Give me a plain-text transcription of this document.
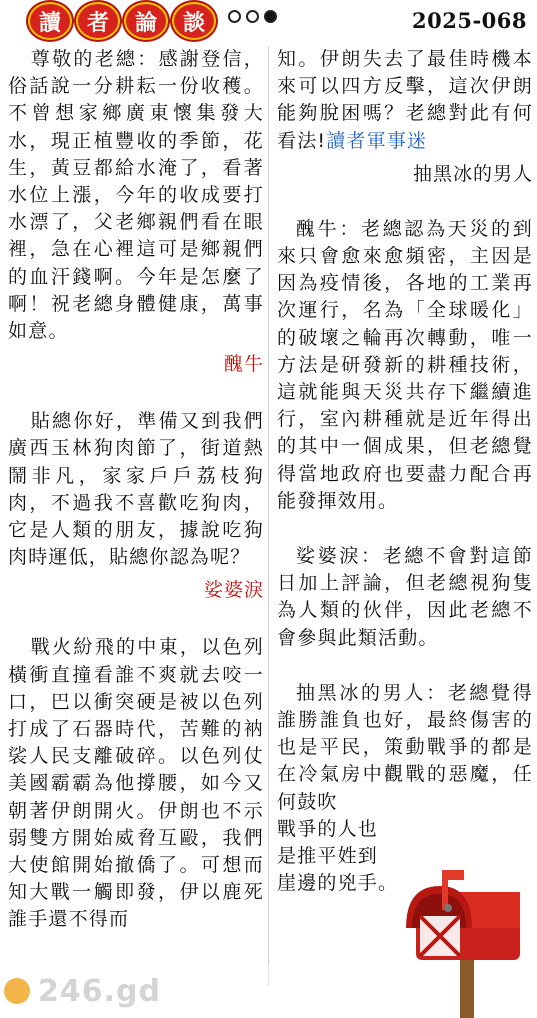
讀	者	論	談	2025-068

尊敬的老總：感謝登信，俗話說一分耕耘一份收穫。不曾想家鄉廣東懷集發大水，現正植豐收的季節，花生，黃豆都給水淹了，看著水位上漲，今年的收成要打水漂了，父老鄉親們看在眼裡，急在心裡這可是鄉親們的血汗錢啊。今年是怎麼了啊！祝老總身體健康，萬事如意。

醜牛

貼總你好，準備又到我們廣西玉林狗肉節了，街道熱鬧非凡，家家戶戶荔枝狗肉，不過我不喜歡吃狗肉，它是人類的朋友，據說吃狗肉時運低，貼總你認為呢？

娑婆淚

戰火紛飛的中東，以色列橫衝直撞看誰不爽就去咬一口，巴以衝突硬是被以色列打成了石器時代，苦難的衲裟人民支離破碎。以色列仗美國霸霸為他撐腰，如今又朝著伊朗開火。伊朗也不示弱雙方開始威脅互毆，我們大使館開始撤僑了。可想而知大戰一觸即發，伊以鹿死誰手還不得而

知。伊朗失去了最佳時機本來可以四方反擊，這次伊朗能夠脫困嗎？老總對此有何看法!讀者軍事迷

抽黑冰的男人

醜牛：老總認為天災的到來只會愈來愈頻密，主因是因為疫情後，各地的工業再次運行，名為「全球暖化」的破壞之輪再次轉動，唯一方法是研發新的耕種技術，這就能與天災共存下繼續進行，室內耕種就是近年得出的其中一個成果，但老總覺得當地政府也要盡力配合再能發揮效用。

娑婆淚：老總不會對這節日加上評論，但老總視狗隻為人類的伙伴，因此老總不會參與此類活動。

抽黑冰的男人：老總覺得誰勝誰負也好，最終傷害的也是平民，策動戰爭的都是在冷氣房中觀戰的惡魔，任何鼓吹

戰爭的人也
是推平姓到
崖邊的兇手。

246.gd
